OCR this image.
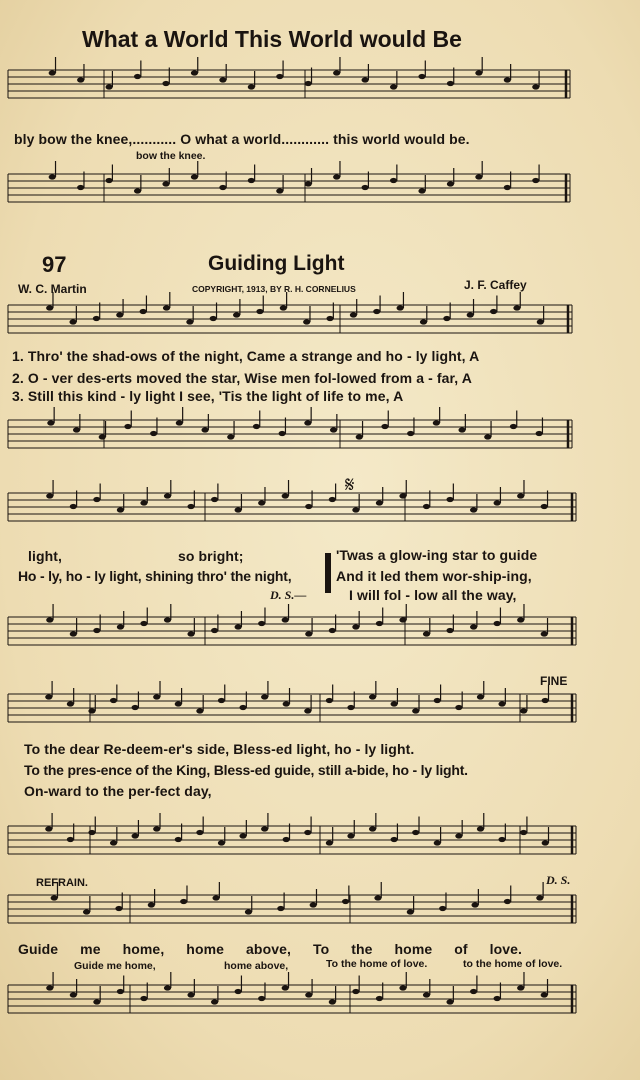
What a World This World would Be
bly bow the knee,........... O what a world............ this world would be.
bow the knee.
97	Guiding Light
W. C. Martin	COPYRIGHT, 1913, BY R. H. CORNELIUS	J. F. Caffey
1. Thro' the shad-ows of the night, Came a strange and ho - ly light, A
2. O - ver des-erts moved the star, Wise men fol-lowed from a - far, A
3. Still this kind - ly light I see, 'Tis the light of life to me, A
𝄋
light,	so bright;	'Twas a glow-ing star to guide
Ho - ly, ho - ly light, shining thro' the night,	And it led them wor-ship-ing,
D. S.—	I will fol - low all the way,
FINE
To the dear Re-deem-er's side, Bless-ed light, ho - ly light.
To the pres-ence of the King, Bless-ed guide, still a-bide, ho - ly light.
On-ward to the per-fect day,
REFRAIN.	D. S.
Guide me home, home above, To the home of love.
Guide me home,	home above,	To the home of love.	to the home of love.
